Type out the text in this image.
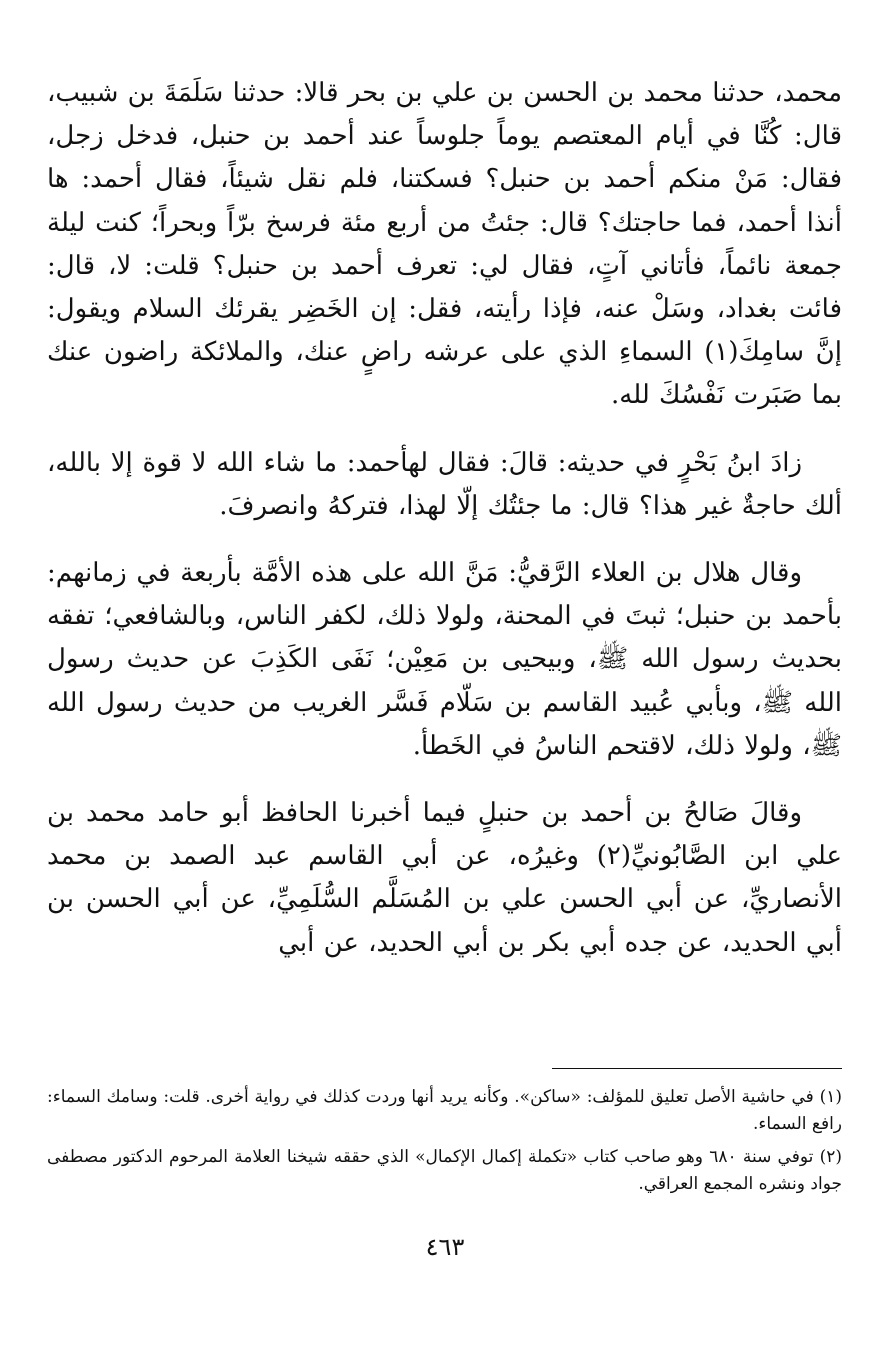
محمد، حدثنا محمد بن الحسن بن علي بن بحر قالا: حدثنا سَلَمَةَ بن شبيب، قال: كُنَّا في أيام المعتصم يوماً جلوساً عند أحمد بن حنبل، فدخل زجل، فقال: مَنْ منكم أحمد بن حنبل؟ فسكتنا، فلم نقل شيئاً، فقال أحمد: ها أنذا أحمد، فما حاجتك؟ قال: جئتُ من أربع مئة فرسخ برّاً وبحراً؛ كنت ليلة جمعة نائماً، فأتاني آتٍ، فقال لي: تعرف أحمد بن حنبل؟ قلت: لا، قال: فائت بغداد، وسَلْ عنه، فإذا رأيته، فقل: إن الخَضِر يقرئك السلام ويقول: إنَّ سامِكَ(١) السماءِ الذي على عرشه راضٍ عنك، والملائكة راضون عنك بما صَبَرت نَفْسُكَ لله.

زادَ ابنُ بَحْرٍ في حديثه: قالَ: فقال لهأحمد: ما شاء الله لا قوة إلا بالله، ألك حاجةٌ غير هذا؟ قال: ما جئتُك إلّا لهذا، فتركهُ وانصرفَ.

وقال هلال بن العلاء الرَّقيُّ: مَنَّ الله على هذه الأمَّة بأربعة في زمانهم: بأحمد بن حنبل؛ ثبتَ في المحنة، ولولا ذلك، لكفر الناس، وبالشافعي؛ تفقه بحديث رسول الله ﷺ، وبيحيى بن مَعِيْن؛ نَفَى الكَذِبَ عن حديث رسول الله ﷺ، وبأبي عُبيد القاسم بن سَلّام فَسَّر الغريب من حديث رسول الله ﷺ، ولولا ذلك، لاقتحم الناسُ في الخَطأ.

وقالَ صَالحُ بن أحمد بن حنبلٍ فيما أخبرنا الحافظ أبو حامد محمد بن علي ابن الصَّابُونيِّ(٢) وغيرُه، عن أبي القاسم عبد الصمد بن محمد الأنصاريِّ، عن أبي الحسن علي بن المُسَلَّم السُّلَمِيِّ، عن أبي الحسن بن أبي الحديد، عن جده أبي بكر بن أبي الحديد، عن أبي

(١) في حاشية الأصل تعليق للمؤلف: «ساكن». وكأنه يريد أنها وردت كذلك في رواية أخرى. قلت: وسامك السماء: رافع السماء.

(٢) توفي سنة ٦٨٠ وهو صاحب كتاب «تكملة إكمال الإكمال» الذي حققه شيخنا العلامة المرحوم الدكتور مصطفى جواد ونشره المجمع العراقي.

٤٦٣
